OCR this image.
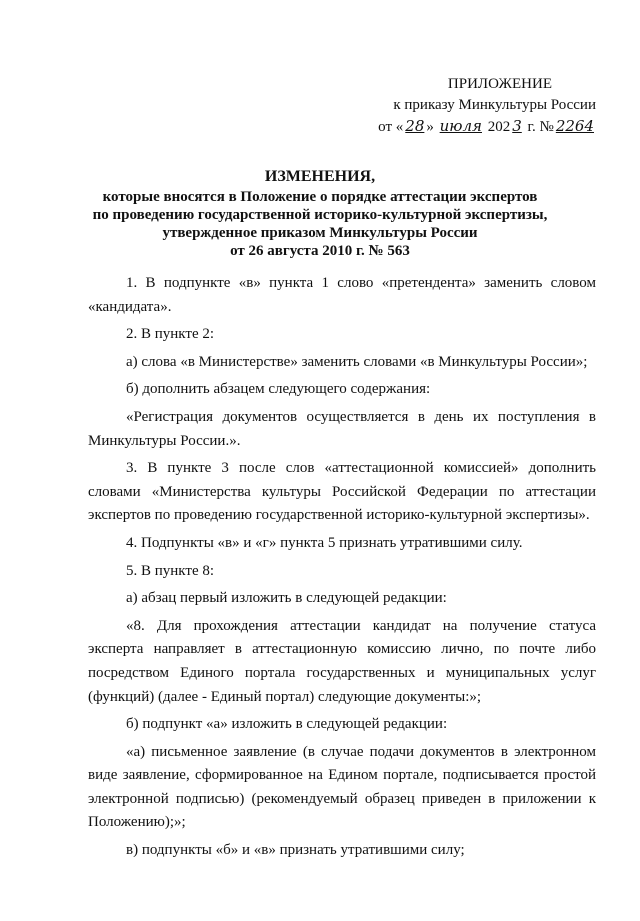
ПРИЛОЖЕНИЕ
к приказу Минкультуры России
от « 28 » июля 202 3 г. № 2264
ИЗМЕНЕНИЯ,
которые вносятся в Положение о порядке аттестации экспертов
по проведению государственной историко-культурной экспертизы,
утвержденное приказом Минкультуры России
от 26 августа 2010 г. № 563

1. В подпункте «в» пункта 1 слово «претендента» заменить словом «кандидата».

2. В пункте 2:

а) слова «в Министерстве» заменить словами «в Минкультуры России»;

б) дополнить абзацем следующего содержания:

«Регистрация документов осуществляется в день их поступления в Минкультуры России.».

3. В пункте 3 после слов «аттестационной комиссией» дополнить словами «Министерства культуры Российской Федерации по аттестации экспертов по проведению государственной историко-культурной экспертизы».

4. Подпункты «в» и «г» пункта 5 признать утратившими силу.

5. В пункте 8:

а) абзац первый изложить в следующей редакции:

«8. Для прохождения аттестации кандидат на получение статуса эксперта направляет в аттестационную комиссию лично, по почте либо посредством Единого портала государственных и муниципальных услуг (функций) (далее - Единый портал) следующие документы:»;

б) подпункт «а» изложить в следующей редакции:

«а) письменное заявление (в случае подачи документов в электронном виде заявление, сформированное на Едином портале, подписывается простой электронной подписью) (рекомендуемый образец приведен в приложении к Положению);»;

в) подпункты «б» и «в» признать утратившими силу;
